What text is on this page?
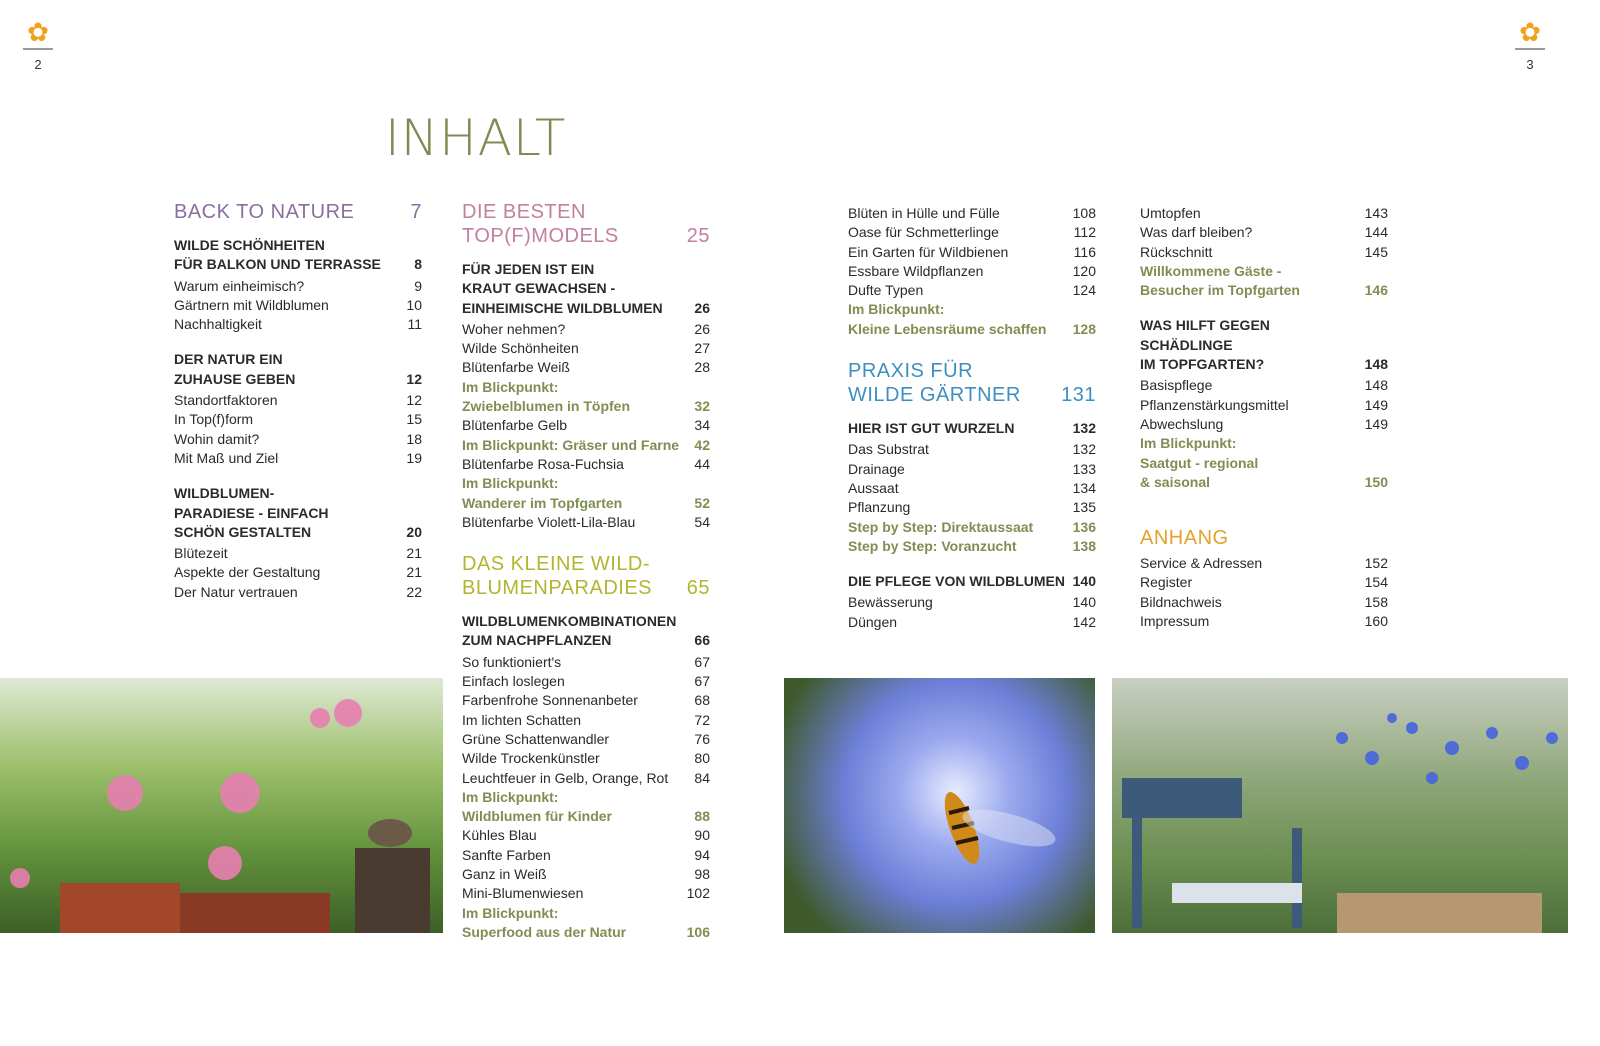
✿
2
✿
3
INHALT
BACK TO NATURE	7
WILDE SCHÖNHEITEN
FÜR BALKON UND TERRASSE	8
Warum einheimisch?	9
Gärtnern mit Wildblumen	10
Nachhaltigkeit	11
DER NATUR EIN
ZUHAUSE GEBEN	12
Standortfaktoren	12
In Top(f)form	15
Wohin damit?	18
Mit Maß und Ziel	19
WILDBLUMEN-
PARADIESE - EINFACH
SCHÖN GESTALTEN	20
Blütezeit	21
Aspekte der Gestaltung	21
Der Natur vertrauen	22
DIE BESTEN
TOP(F)MODELS	25
FÜR JEDEN IST EIN
KRAUT GEWACHSEN -
EINHEIMISCHE WILDBLUMEN	26
Woher nehmen?	26
Wilde Schönheiten	27
Blütenfarbe Weiß	28
Im Blickpunkt:
Zwiebelblumen in Töpfen	32
Blütenfarbe Gelb	34
Im Blickpunkt: Gräser und Farne	42
Blütenfarbe Rosa-Fuchsia	44
Im Blickpunkt:
Wanderer im Topfgarten	52
Blütenfarbe Violett-Lila-Blau	54
DAS KLEINE WILD-
BLUMENPARADIES	65
WILDBLUMENKOMBINATIONEN
ZUM NACHPFLANZEN	66
So funktioniert's	67
Einfach loslegen	67
Farbenfrohe Sonnenanbeter	68
Im lichten Schatten	72
Grüne Schattenwandler	76
Wilde Trockenkünstler	80
Leuchtfeuer in Gelb, Orange, Rot	84
Im Blickpunkt:
Wildblumen für Kinder	88
Kühles Blau	90
Sanfte Farben	94
Ganz in Weiß	98
Mini-Blumenwiesen	102
Im Blickpunkt:
Superfood aus der Natur	106
Blüten in Hülle und Fülle	108
Oase für Schmetterlinge	112
Ein Garten für Wildbienen	116
Essbare Wildpflanzen	120
Dufte Typen	124
Im Blickpunkt:
Kleine Lebensräume schaffen	128
PRAXIS FÜR
WILDE GÄRTNER 131
HIER IST GUT WURZELN	132
Das Substrat	132
Drainage	133
Aussaat	134
Pflanzung	135
Step by Step: Direktaussaat	136
Step by Step: Voranzucht	138
DIE PFLEGE VON WILDBLUMEN 140
Bewässerung	140
Düngen	142
Umtopfen	143
Was darf bleiben?	144
Rückschnitt	145
Willkommene Gäste -
Besucher im Topfgarten	146
WAS HILFT GEGEN
SCHÄDLINGE
IM TOPFGARTEN?	148
Basispflege	148
Pflanzenstärkungsmittel	149
Abwechslung	149
Im Blickpunkt:
Saatgut - regional
& saisonal	150
ANHANG
Service & Adressen	152
Register	154
Bildnachweis	158
Impressum	160
